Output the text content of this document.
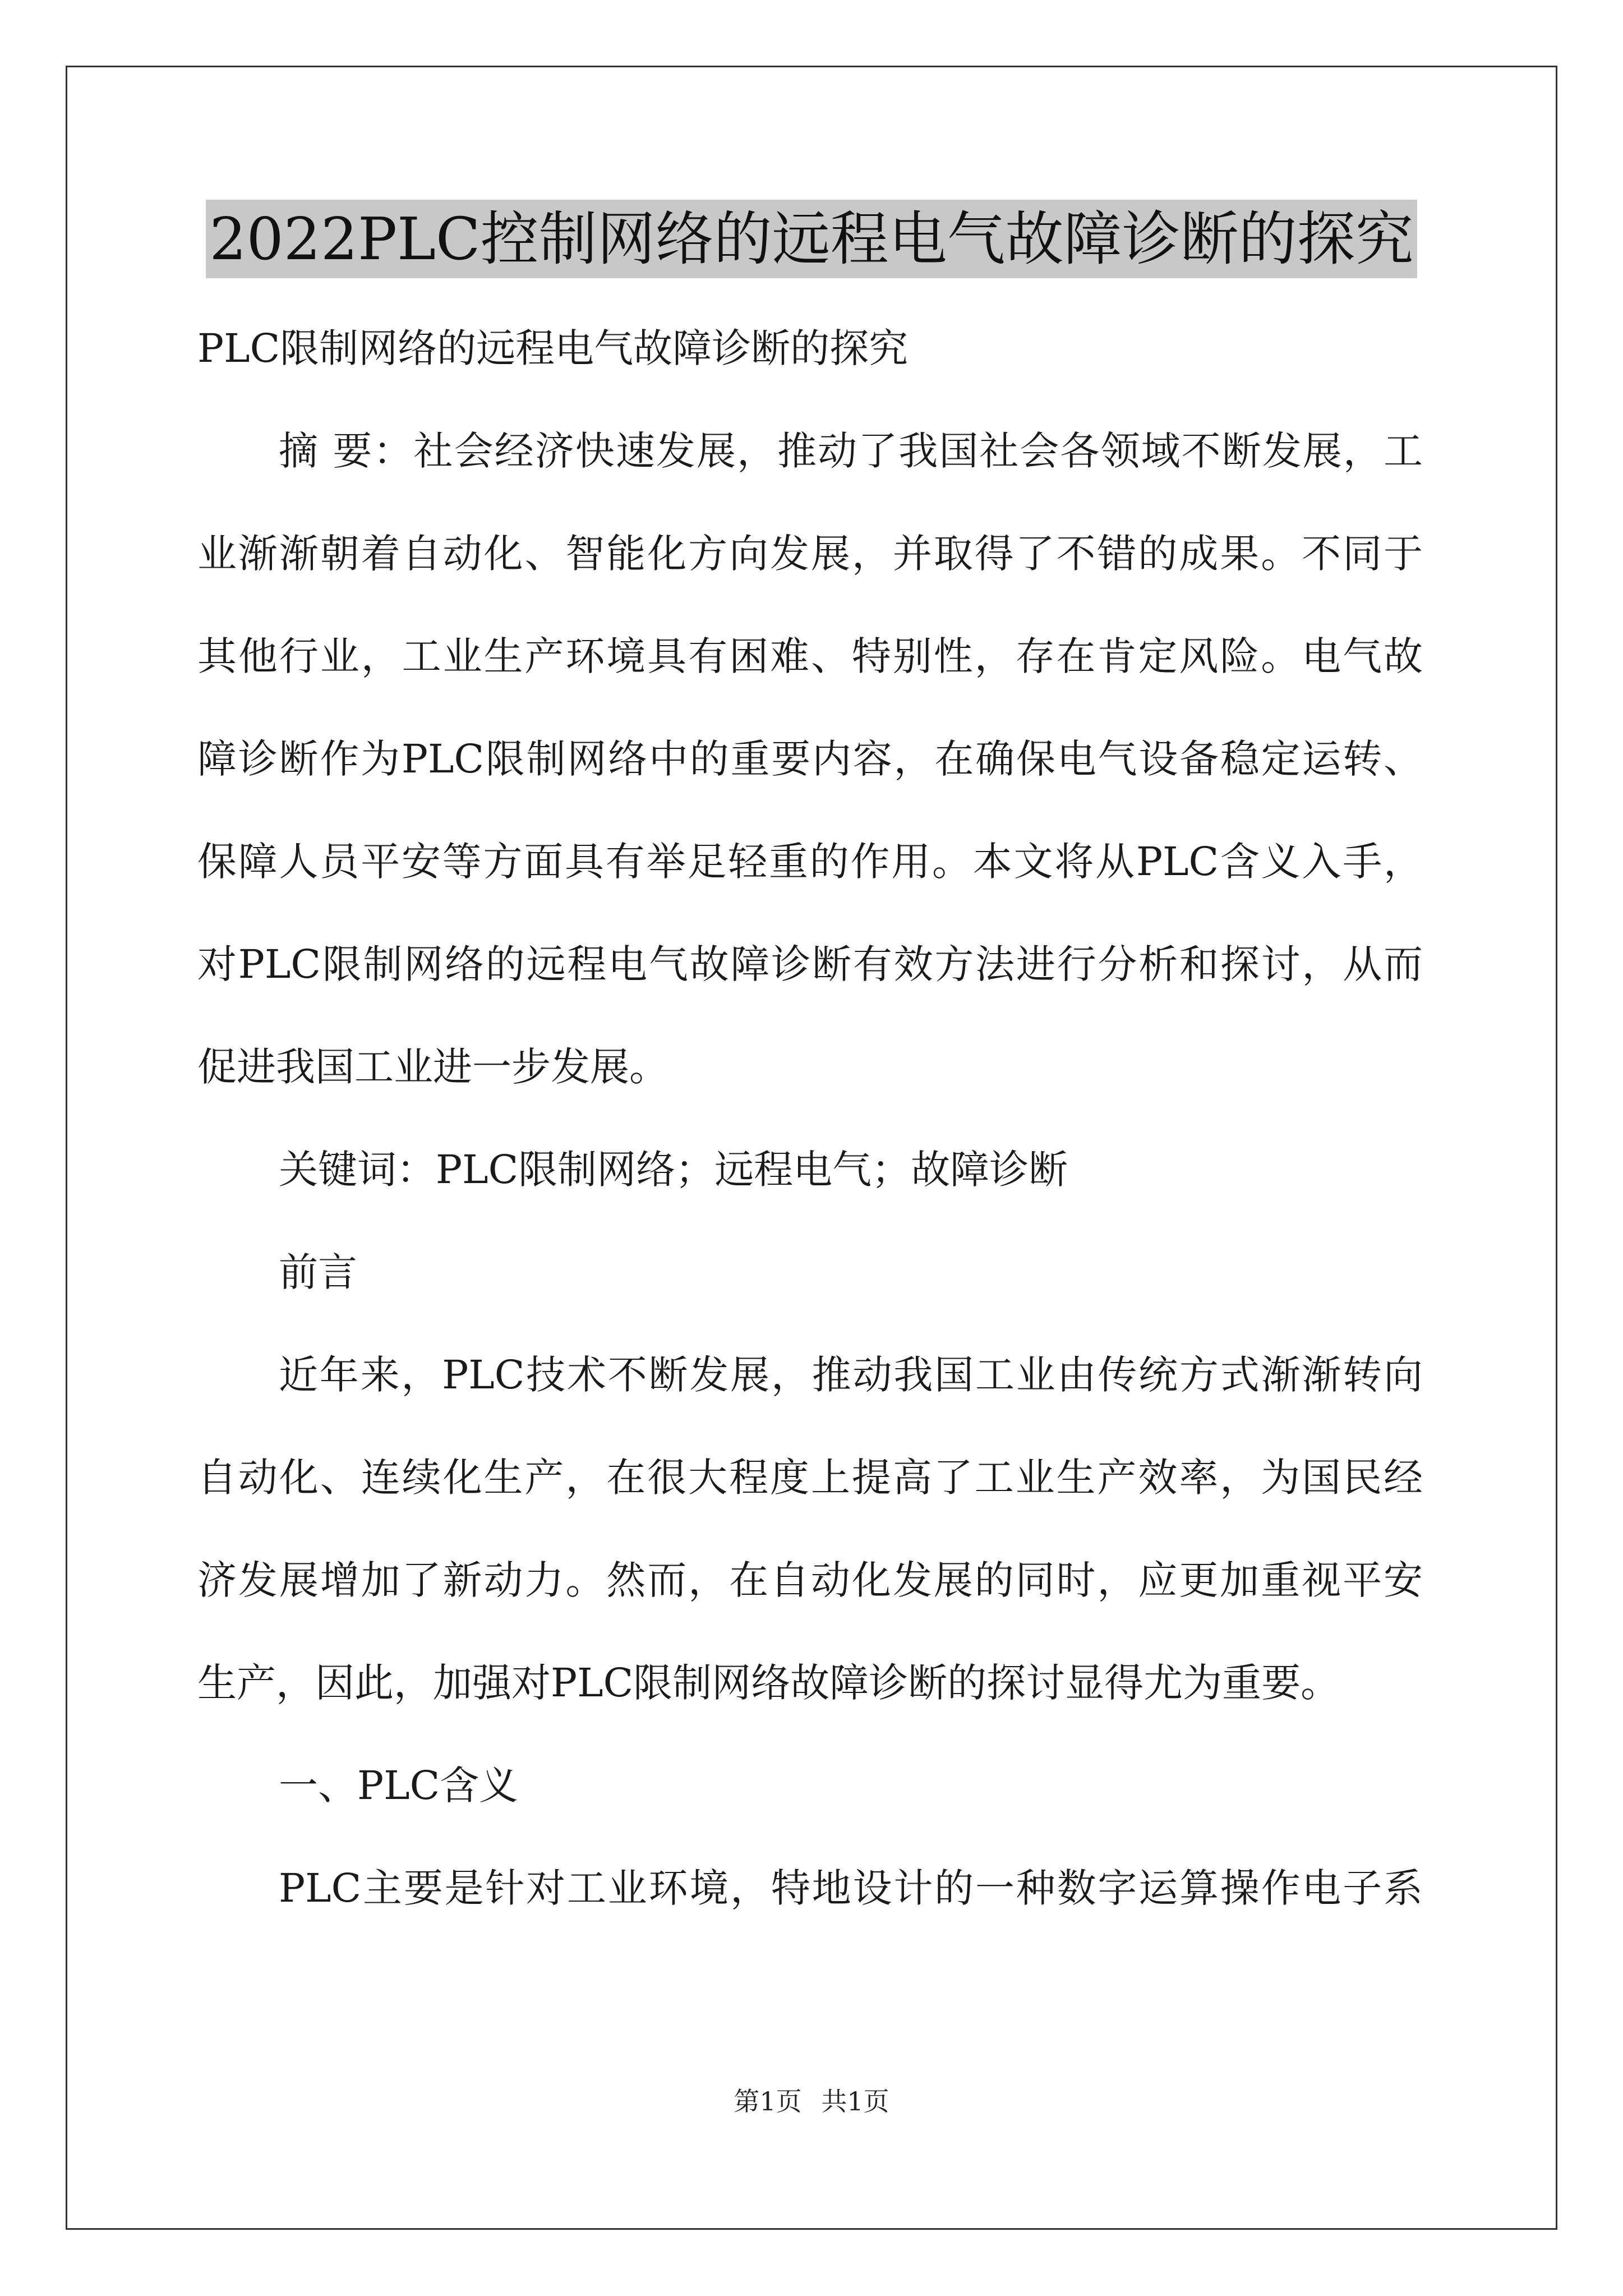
2022PLC控制网络的远程电气故障诊断的探究
PLC限制网络的远程电气故障诊断的探究
摘 要：社会经济快速发展，推动了我国社会各领域不断发展，工
业渐渐朝着自动化、智能化方向发展，并取得了不错的成果。不同于
其他行业，工业生产环境具有困难、特别性，存在肯定风险。电气故
障诊断作为PLC限制网络中的重要内容，在确保电气设备稳定运转、
保障人员平安等方面具有举足轻重的作用。本文将从PLC含义入手，
对PLC限制网络的远程电气故障诊断有效方法进行分析和探讨，从而
促进我国工业进一步发展。
关键词：PLC限制网络；远程电气；故障诊断
前言
近年来，PLC技术不断发展，推动我国工业由传统方式渐渐转向
自动化、连续化生产，在很大程度上提高了工业生产效率，为国民经
济发展增加了新动力。然而，在自动化发展的同时，应更加重视平安
生产，因此，加强对PLC限制网络故障诊断的探讨显得尤为重要。
一、PLC含义
PLC主要是针对工业环境，特地设计的一种数字运算操作电子系
第1页 共1页
